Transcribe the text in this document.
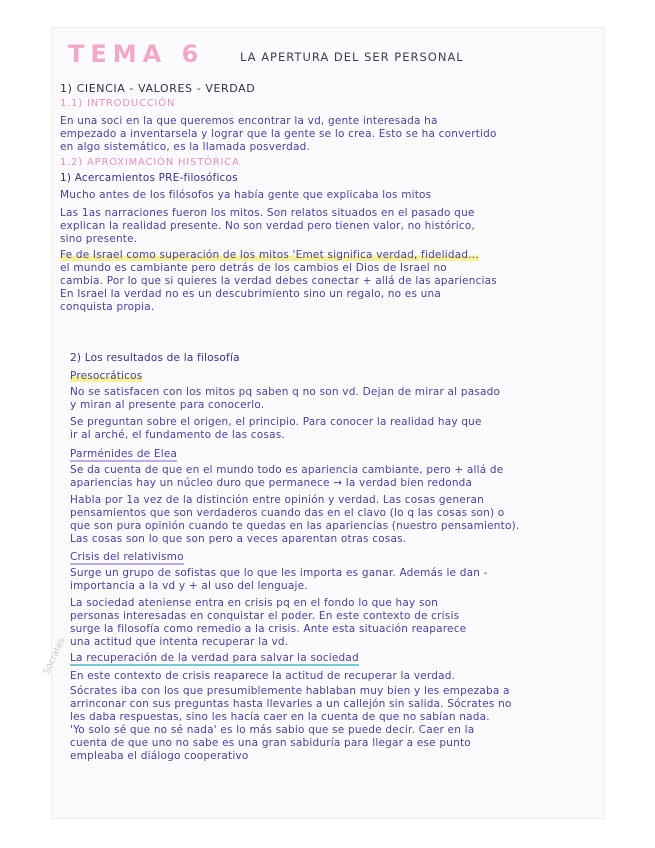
TEMA 6	LA APERTURA DEL SER PERSONAL
1) CIENCIA - VALORES - VERDAD
1.1) INTRODUCCIÓN
En una soci en la que queremos encontrar la vd, gente interesada ha
empezado a inventarsela y lograr que la gente se lo crea. Esto se ha convertido
en algo sistemático, es la llamada posverdad.
1.2) APROXIMACIÓN HISTÓRICA
1) Acercamientos PRE-filosóficos
Mucho antes de los filósofos ya había gente que explicaba los mitos
Las 1as narraciones fueron los mitos. Son relatos situados en el pasado que
explican la realidad presente. No son verdad pero tienen valor, no histórico,
sino presente.
Fe de Israel como superación de los mitos 'Emet significa verdad, fidelidad...
el mundo es cambiante pero detrás de los cambios el Dios de Israel no
cambia. Por lo que si quieres la verdad debes conectar + allá de las apariencias
En Israel la verdad no es un descubrimiento sino un regalo, no es una
conquista propia.
2) Los resultados de la filosofía
Presocráticos
No se satisfacen con los mitos pq saben q no son vd. Dejan de mirar al pasado
y miran al presente para conocerlo.
Se preguntan sobre el origen, el principio. Para conocer la realidad hay que
ir al arché, el fundamento de las cosas.
Parménides de Elea
Se da cuenta de que en el mundo todo es apariencia cambiante, pero + allá de
apariencias hay un núcleo duro que permanece → la verdad bien redonda
Habla por 1a vez de la distinción entre opinión y verdad. Las cosas generan
pensamientos que son verdaderos cuando das en el clavo (lo q las cosas son) o
que son pura opinión cuando te quedas en las apariencias (nuestro pensamiento).
Las cosas son lo que son pero a veces aparentan otras cosas.
Crisis del relativismo
Surge un grupo de sofistas que lo que les importa es ganar. Además le dan -
importancia a la vd y + al uso del lenguaje.
La sociedad ateniense entra en crisis pq en el fondo lo que hay son
personas interesadas en conquistar el poder. En este contexto de crisis
surge la filosofía como remedio a la crisis. Ante esta situación reaparece
una actitud que intenta recuperar la vd.
La recuperación de la verdad para salvar la sociedad
En este contexto de crisis reaparece la actitud de recuperar la verdad.
Sócrates iba con los que presumiblemente hablaban muy bien y les empezaba a
arrinconar con sus preguntas hasta llevarles a un callejón sin salida. Sócrates no
les daba respuestas, sino les hacía caer en la cuenta de que no sabían nada.
'Yo solo sé que no sé nada' es lo más sabio que se puede decir. Caer en la
cuenta de que uno no sabe es una gran sabiduría para llegar a ese punto
empleaba el diálogo cooperativo
Sócrates
